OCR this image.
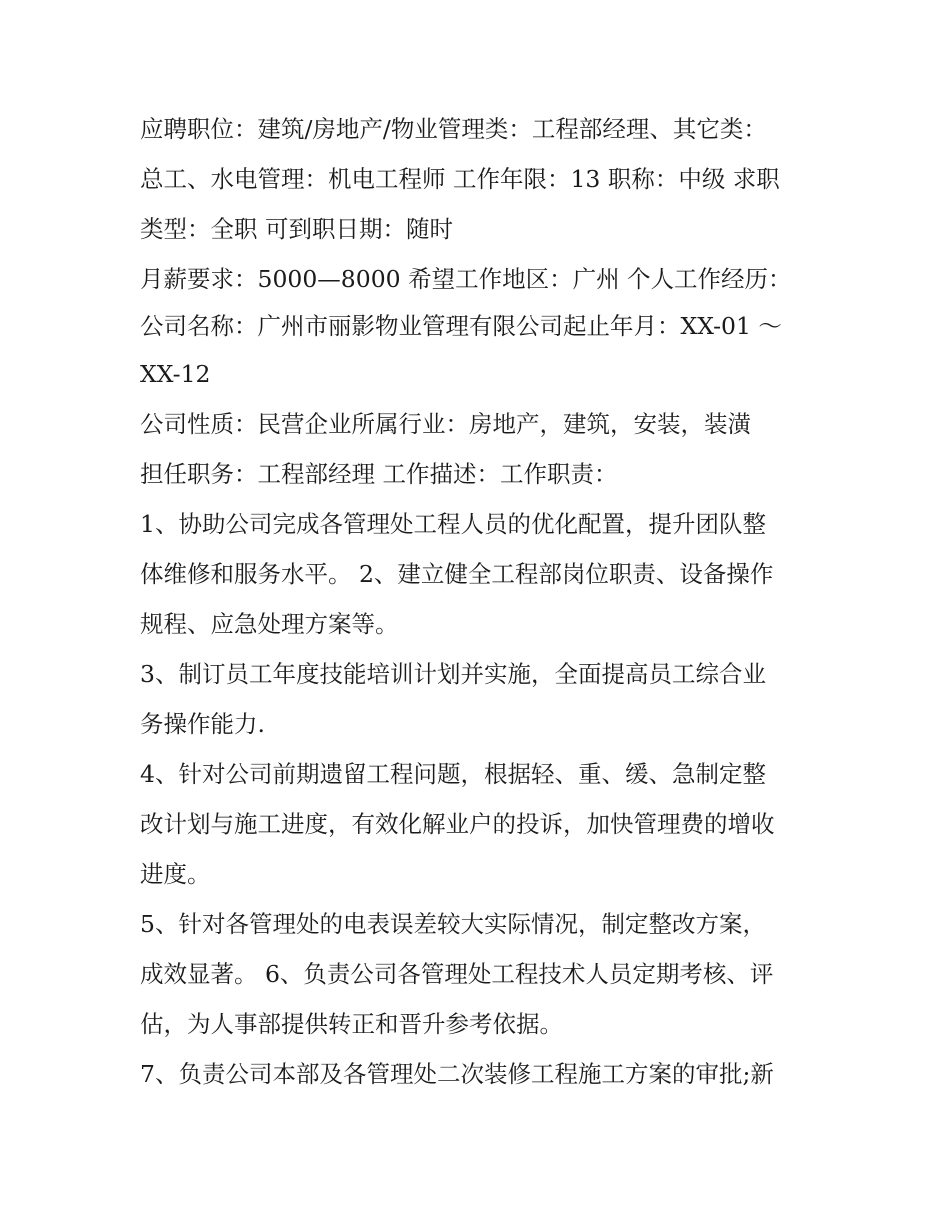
应聘职位：建筑/房地产/物业管理类：工程部经理、其它类：
总工、水电管理：机电工程师 工作年限：13 职称：中级 求职
类型：全职 可到职日期：随时
月薪要求：5000—8000 希望工作地区：广州 个人工作经历：
公司名称：广州市丽影物业管理有限公司起止年月：XX-01 ～
XX-12
公司性质：民营企业所属行业：房地产，建筑，安装，装潢
担任职务：工程部经理 工作描述：工作职责：
1、协助公司完成各管理处工程人员的优化配置，提升团队整
体维修和服务水平。 2、建立健全工程部岗位职责、设备操作
规程、应急处理方案等。
3、制订员工年度技能培训计划并实施，全面提高员工综合业
务操作能力.
4、针对公司前期遗留工程问题，根据轻、重、缓、急制定整
改计划与施工进度，有效化解业户的投诉，加快管理费的增收
进度。
5、针对各管理处的电表误差较大实际情况，制定整改方案，
成效显著。 6、负责公司各管理处工程技术人员定期考核、评
估，为人事部提供转正和晋升参考依据。
7、负责公司本部及各管理处二次装修工程施工方案的审批;新
